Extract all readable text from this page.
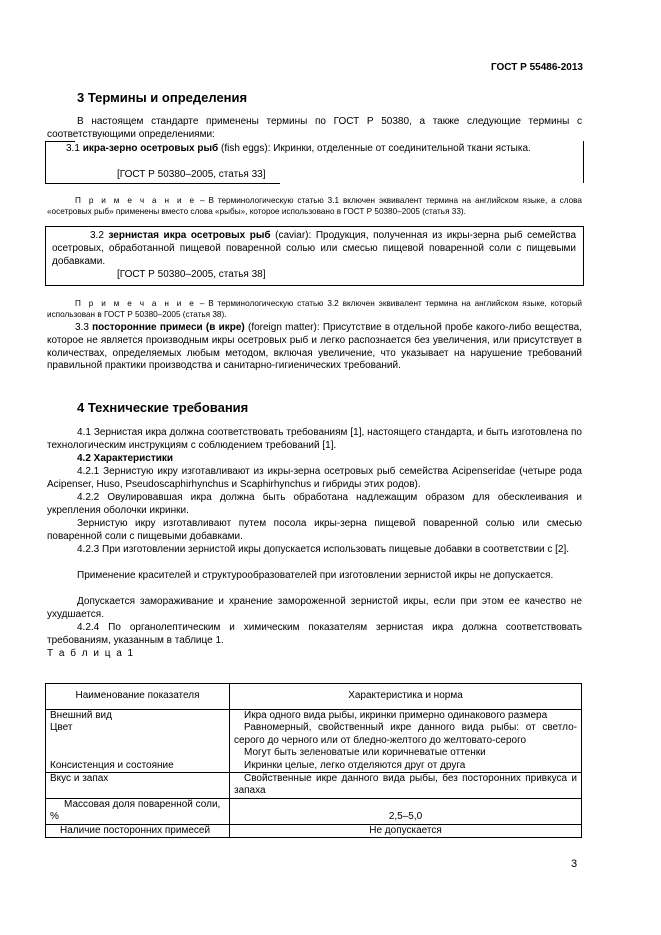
ГОСТ Р 55486-2013
3 Термины и определения
В настоящем стандарте применены термины по ГОСТ Р 50380, а также следующие термины с соответствующими определениями:
3.1 икра-зерно осетровых рыб (fish eggs): Икринки, отделенные от соединительной ткани ястыка.
[ГОСТ Р 50380–2005, статья 33]
П р и м е ч а н и е – В терминологическую статью 3.1 включен эквивалент термина на английском языке, а слова «осетровых рыб» применены вместо слова «рыбы», которое использовано в ГОСТ Р 50380–2005 (статья 33).
3.2 зернистая икра осетровых рыб (caviar): Продукция, полученная из икры-зерна рыб семейства осетровых, обработанной пищевой поваренной солью или смесью пищевой поваренной соли с пищевыми добавками.
[ГОСТ Р 50380–2005, статья 38]
П р и м е ч а н и е – В терминологическую статью 3.2 включен эквивалент термина на английском языке, который использован в ГОСТ Р 50380–2005 (статья 38).
3.3 посторонние примеси (в икре) (foreign matter): Присутствие в отдельной пробе какого-либо вещества, которое не является производным икры осетровых рыб и легко распознается без увеличения, или присутствует в количествах, определяемых любым методом, включая увеличение, что указывает на нарушение требований правильной практики производства и санитарно-гигиенических требований.
4 Технические требования
4.1 Зернистая икра должна соответствовать требованиям [1], настоящего стандарта, и быть изготовлена по технологическим инструкциям с соблюдением требований [1].
4.2 Характеристики
4.2.1 Зернистую икру изготавливают из икры-зерна осетровых рыб семейства Acipenseridae (четыре рода Acipenser, Huso, Pseudoscaphirhynchus и Scaphirhynchus и гибриды этих родов).
4.2.2 Овулировавшая икра должна быть обработана надлежащим образом для обесклеивания и укрепления оболочки икринки.
Зернистую икру изготавливают путем посола икры-зерна пищевой поваренной солью или смесью поваренной соли с пищевыми добавками.
4.2.3 При изготовлении зернистой икры допускается использовать пищевые добавки в соответствии с [2].
Применение красителей и структурообразователей при изготовлении зернистой икры не допускается.
Допускается замораживание и хранение замороженной зернистой икры, если при этом ее качество не ухудшается.
4.2.4 По органолептическим и химическим показателям зернистая икра должна соответствовать требованиям, указанным в таблице 1.
Т а б л и ц а 1
Наименование показателя	Характеристика и норма
Внешний вид	Икра одного вида рыбы, икринки примерно одинакового размера
Цвет	Равномерный, свойственный икре данного вида рыбы: от светло-серого до черного или от бледно-желтого до желтовато-серого
	Могут быть зеленоватые или коричневатые оттенки
Консистенция и состояние	Икринки целые, легко отделяются друг от друга
Вкус и запах	Свойственные икре данного вида рыбы, без посторонних привкуса и запаха
Массовая доля поваренной соли, %	2,5–5,0
Наличие посторонних примесей	Не допускается
3
